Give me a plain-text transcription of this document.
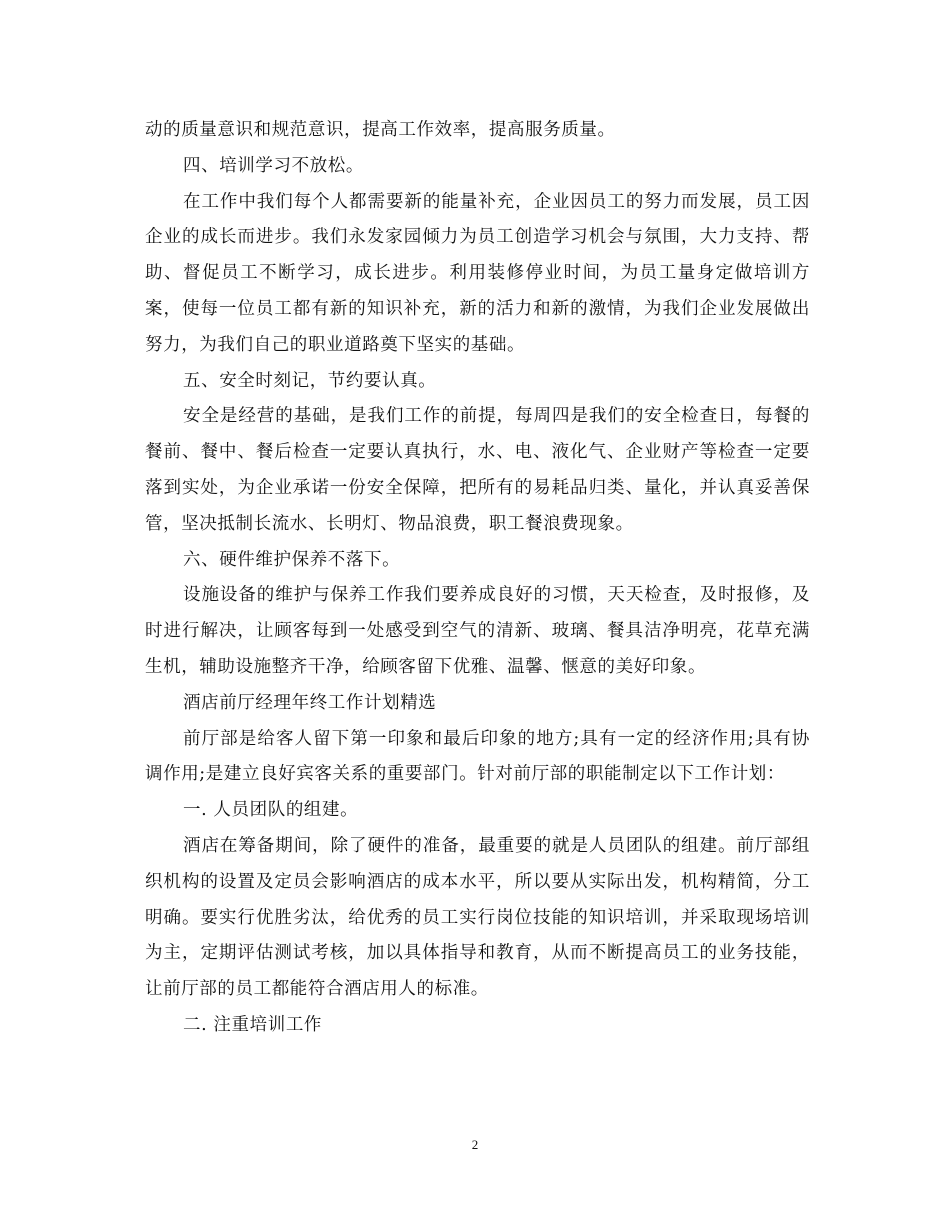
动的质量意识和规范意识，提高工作效率，提高服务质量。

四、培训学习不放松。

在工作中我们每个人都需要新的能量补充，企业因员工的努力而发展，员工因企业的成长而进步。我们永发家园倾力为员工创造学习机会与氛围，大力支持、帮助、督促员工不断学习，成长进步。利用装修停业时间，为员工量身定做培训方案，使每一位员工都有新的知识补充，新的活力和新的激情，为我们企业发展做出努力，为我们自己的职业道路奠下坚实的基础。

五、安全时刻记，节约要认真。

安全是经营的基础，是我们工作的前提，每周四是我们的安全检查日，每餐的餐前、餐中、餐后检查一定要认真执行，水、电、液化气、企业财产等检查一定要落到实处，为企业承诺一份安全保障，把所有的易耗品归类、量化，并认真妥善保管，坚决抵制长流水、长明灯、物品浪费，职工餐浪费现象。

六、硬件维护保养不落下。

设施设备的维护与保养工作我们要养成良好的习惯，天天检查，及时报修，及时进行解决，让顾客每到一处感受到空气的清新、玻璃、餐具洁净明亮，花草充满生机，辅助设施整齐干净，给顾客留下优雅、温馨、惬意的美好印象。

酒店前厅经理年终工作计划精选

前厅部是给客人留下第一印象和最后印象的地方;具有一定的经济作用;具有协调作用;是建立良好宾客关系的重要部门。针对前厅部的职能制定以下工作计划：

一. 人员团队的组建。

酒店在筹备期间，除了硬件的准备，最重要的就是人员团队的组建。前厅部组织机构的设置及定员会影响酒店的成本水平，所以要从实际出发，机构精简，分工明确。要实行优胜劣汰，给优秀的员工实行岗位技能的知识培训，并采取现场培训为主，定期评估测试考核，加以具体指导和教育，从而不断提高员工的业务技能，让前厅部的员工都能符合酒店用人的标准。

二. 注重培训工作

2
